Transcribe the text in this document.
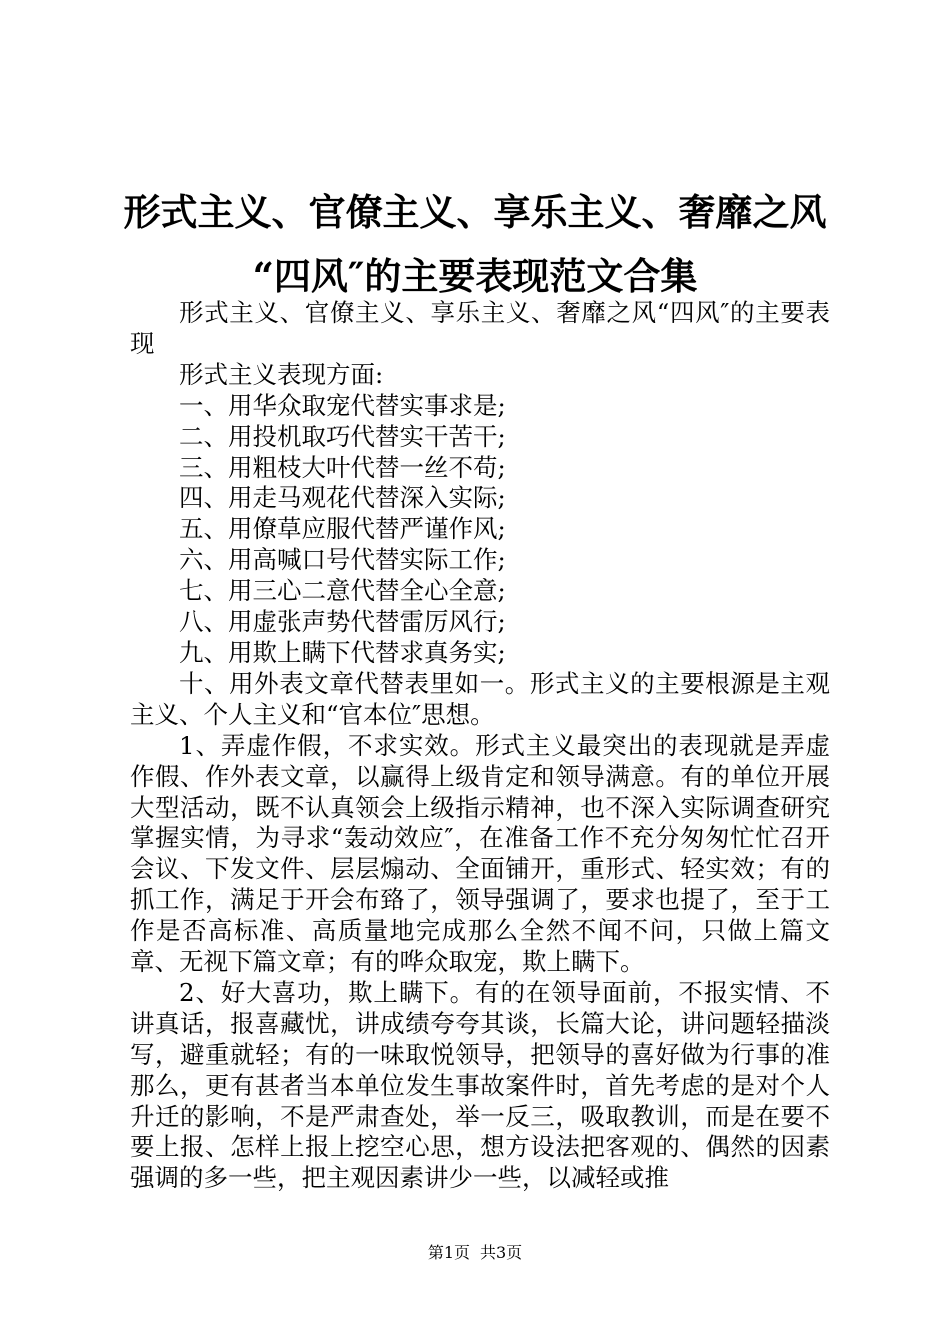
形式主义、官僚主义、享乐主义、奢靡之风
“四风″的主要表现范文合集

形式主义、官僚主义、享乐主义、奢靡之风“四风″的主要表现

形式主义表现方面:

一、用华众取宠代替实事求是;

二、用投机取巧代替实干苦干;

三、用粗枝大叶代替一丝不苟;

四、用走马观花代替深入实际;

五、用僚草应服代替严谨作风;

六、用高喊口号代替实际工作;

七、用三心二意代替全心全意;

八、用虚张声势代替雷厉风行;

九、用欺上瞒下代替求真务实;

十、用外表文章代替表里如一。形式主义的主要根源是主观主义、个人主义和“官本位″思想。

1、弄虚作假，不求实效。形式主义最突出的表现就是弄虚作假、作外表文章，以赢得上级肯定和领导满意。有的单位开展大型活动，既不认真领会上级指示精神，也不深入实际调查研究掌握实情，为寻求“轰动效应″，在准备工作不充分匆匆忙忙召开会议、下发文件、层层煽动、全面铺开，重形式、轻实效；有的抓工作，满足于开会布臵了，领导强调了，要求也提了，至于工作是否高标准、高质量地完成那么全然不闻不问，只做上篇文章、无视下篇文章；有的哗众取宠，欺上瞒下。

2、好大喜功，欺上瞒下。有的在领导面前，不报实情、不讲真话，报喜藏忧，讲成绩夸夸其谈，长篇大论，讲问题轻描淡写，避重就轻；有的一味取悦领导，把领导的喜好做为行事的准那么，更有甚者当本单位发生事故案件时，首先考虑的是对个人升迁的影响，不是严肃查处，举一反三，吸取教训，而是在要不要上报、怎样上报上挖空心思，想方设法把客观的、偶然的因素强调的多一些，把主观因素讲少一些，以减轻或推

第1页 共3页
